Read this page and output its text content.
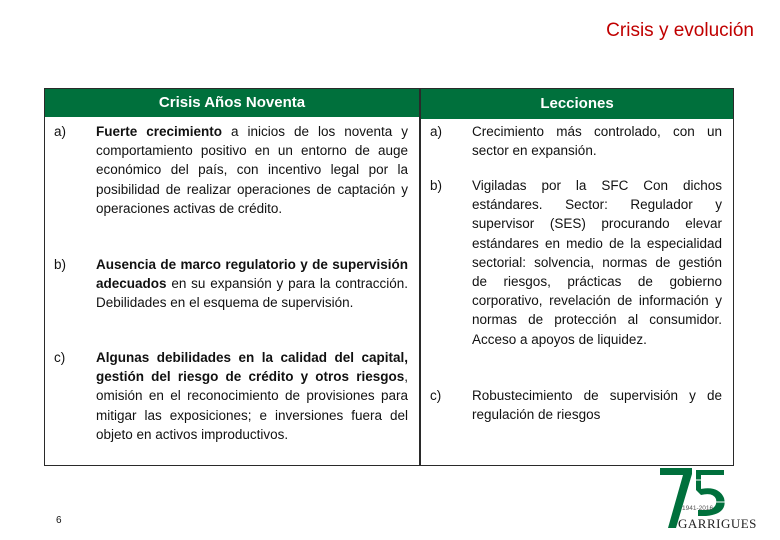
Crisis y evolución
Crisis Años Noventa
a) Fuerte crecimiento a inicios de los noventa y comportamiento positivo en un entorno de auge económico del país, con incentivo legal por la posibilidad de realizar operaciones de captación y operaciones activas de crédito.
b) Ausencia de marco regulatorio y de supervisión adecuados en su expansión y para la contracción. Debilidades en el esquema de supervisión.
c) Algunas debilidades en la calidad del capital, gestión del riesgo de crédito y otros riesgos, omisión en el reconocimiento de provisiones para mitigar las exposiciones; e inversiones fuera del objeto en activos improductivos.
Lecciones
a) Crecimiento más controlado, con un sector en expansión.
b) Vigiladas por la SFC Con dichos estándares. Sector: Regulador y supervisor (SES) procurando elevar estándares en medio de la especialidad sectorial: solvencia, normas de gestión de riesgos, prácticas de gobierno corporativo, revelación de información y normas de protección al consumidor. Acceso a apoyos de liquidez.
c) Robustecimiento de supervisión y de regulación de riesgos
6
1941-2016
GARRIGUES
